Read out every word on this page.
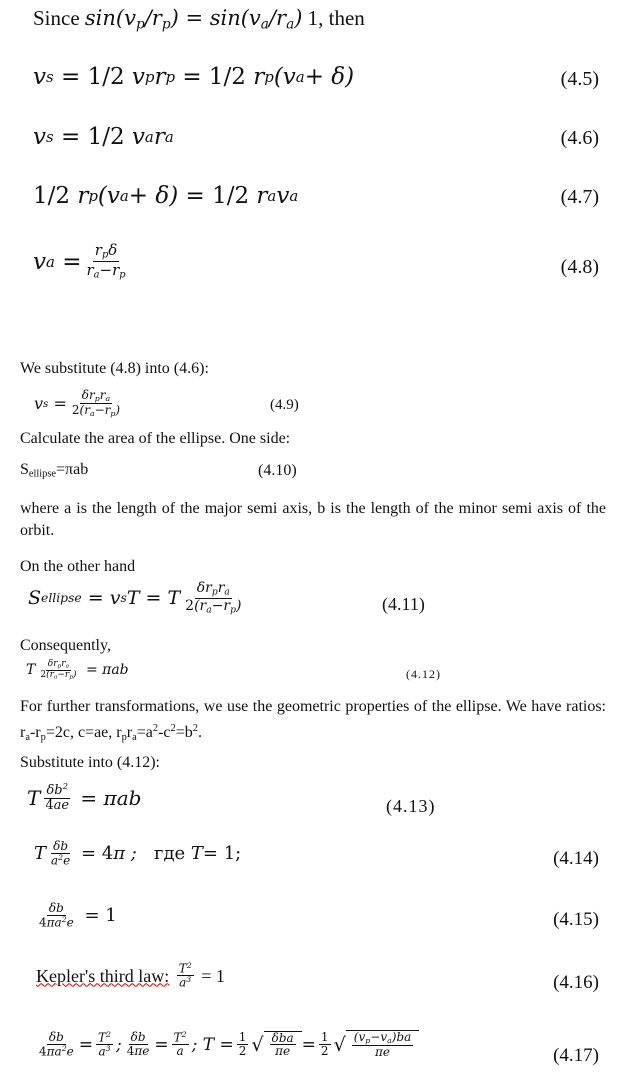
Since $\sin(v_p/r_p) = \sin(v_a/r_a)$ 1, then
v s
= 1/2 v p r p
= 1/2 r p (v a + δ)	(4.5)
v s
= 1/2 v a r a	(4.6)
1/2 r p (v a + δ) = 1/2 r a v a	(4.7)
v $a = \frac{r_p\delta}{r_a-r_p}$	(4.8)
We substitute (4.8) into (4.6):
v $s = \frac{\delta r_pr_a}{2(r_a-r_p)}$	(4.9)
Calculate the area of the ellipse. One side:
$S_{ellipse}=\pi ab$	(4.10)
where a is the length of the major semi axis, b is the length of the minor semi axis of the orbit.
On the other hand
S ellipse = v s T = T $\frac{\delta r_pr_a}{2(r_a-r_p)}$	(4.11)
Consequently,
T $\frac{\delta r_pr_a}{2(r_a-r_p)} = \pi ab$	(4.12)
For further transformations, we use the geometric properties of the ellipse. We have ratios: $r_a-r_p=2c$, c=ae, $r_pr_a=a^2-c^2=b^2$.
Substitute into (4.12):
T $\frac{\delta b^2}{4ae} = \pi ab$	(4.13)
T $\frac{\delta b}{a^2e} = 4$ π ; где T = 1;	(4.14)
$\frac{\delta b}{4\pi a^2e} = 1$	(4.15)
Kepler's third law:
$\frac{T^2}{a^3} = 1$	(4.16)
$\frac{\delta b}{4\pi a^2e} = \frac{T^2}{a^3}$ ; $\frac{\delta b}{4\pi e} = \frac{T^2}{a}$ ; $T = \frac{1}{2}$ √ $\frac{\text{δba}}{\pi e} = \frac{1}{2}$ √ $\frac{(v_p-v_a)ba}{\pi e}$	(4.17)
